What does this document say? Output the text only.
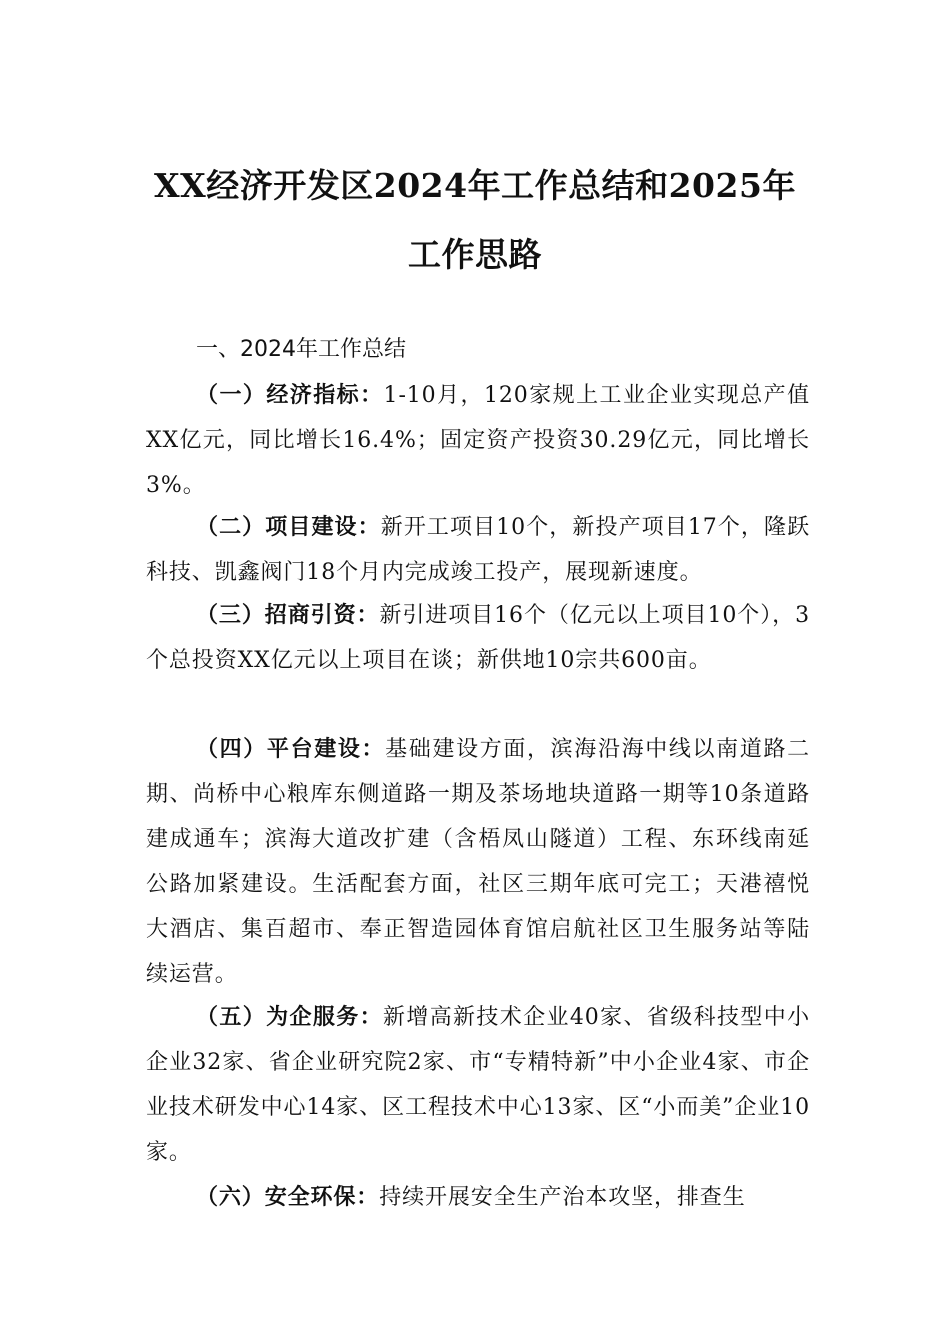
XX经济开发区2024年工作总结和2025年
工作思路
一、2024年工作总结

（一）经济指标：1-10月，120家规上工业企业实现总产值XX亿元，同比增长16.4%；固定资产投资30.29亿元，同比增长3%。

（二）项目建设：新开工项目10个，新投产项目17个，隆跃科技、凯鑫阀门18个月内完成竣工投产，展现新速度。

（三）招商引资：新引进项目16个（亿元以上项目10个），3个总投资XX亿元以上项目在谈；新供地10宗共600亩。

（四）平台建设：基础建设方面，滨海沿海中线以南道路二期、尚桥中心粮库东侧道路一期及茶场地块道路一期等10条道路建成通车；滨海大道改扩建（含梧凤山隧道）工程、东环线南延公路加紧建设。生活配套方面，社区三期年底可完工；天港禧悦大酒店、集百超市、奉正智造园体育馆启航社区卫生服务站等陆续运营。

（五）为企服务：新增高新技术企业40家、省级科技型中小企业32家、省企业研究院2家、市“专精特新”中小企业4家、市企业技术研发中心14家、区工程技术中心13家、区“小而美”企业10家。

（六）安全环保：持续开展安全生产治本攻坚，排查生
